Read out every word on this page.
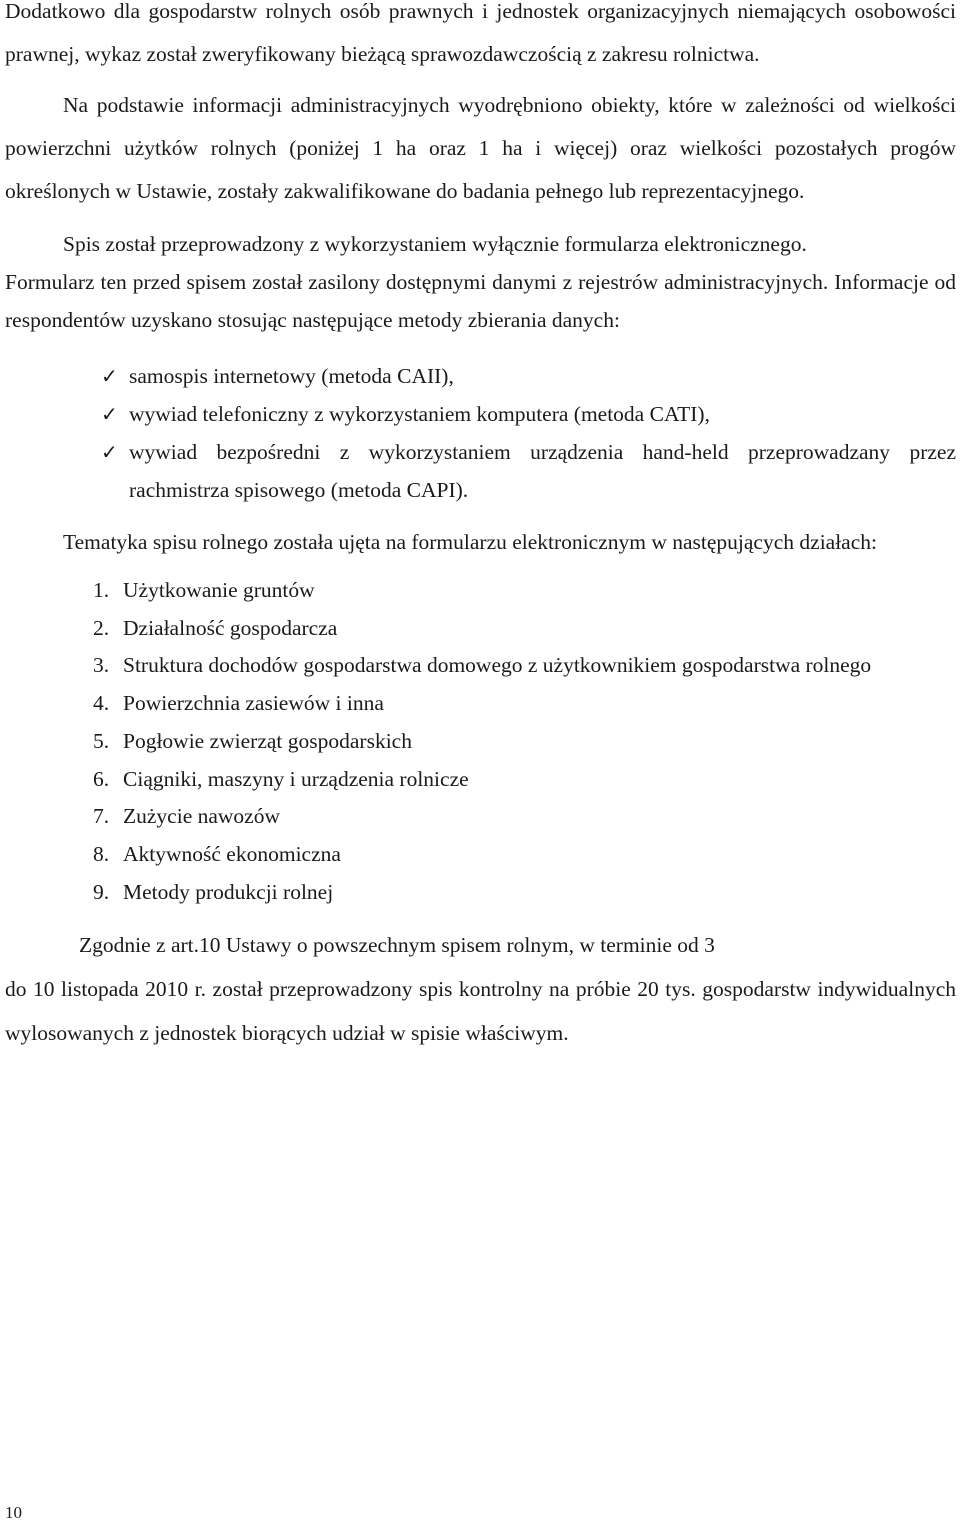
Dodatkowo dla gospodarstw rolnych osób prawnych i jednostek organizacyjnych niemających osobowości prawnej, wykaz został zweryfikowany bieżącą sprawozdawczością z zakresu rolnictwa.

Na podstawie informacji administracyjnych wyodrębniono obiekty, które w zależności od wielkości powierzchni użytków rolnych (poniżej 1 ha oraz 1 ha i więcej) oraz wielkości pozostałych progów określonych w Ustawie, zostały zakwalifikowane do badania pełnego lub reprezentacyjnego.

Spis został przeprowadzony z wykorzystaniem wyłącznie formularza elektronicznego.
Formularz ten przed spisem został zasilony dostępnymi danymi z rejestrów administracyjnych. Informacje od respondentów uzyskano stosując następujące metody zbierania danych:

✓ samospis internetowy (metoda CAII),
✓ wywiad telefoniczny z wykorzystaniem komputera (metoda CATI),
✓ wywiad bezpośredni z wykorzystaniem urządzenia hand-held przeprowadzany przez rachmistrza spisowego (metoda CAPI).

Tematyka spisu rolnego została ujęta na formularzu elektronicznym w następujących działach:

1. Użytkowanie gruntów
2. Działalność gospodarcza
3. Struktura dochodów gospodarstwa domowego z użytkownikiem gospodarstwa rolnego
4. Powierzchnia zasiewów i inna
5. Pogłowie zwierząt gospodarskich
6. Ciągniki, maszyny i urządzenia rolnicze
7. Zużycie nawozów
8. Aktywność ekonomiczna
9. Metody produkcji rolnej

Zgodnie z art.10 Ustawy o powszechnym spisem rolnym, w terminie od 3
do 10 listopada 2010 r. został przeprowadzony spis kontrolny na próbie 20 tys. gospodarstw indywidualnych wylosowanych z jednostek biorących udział w spisie właściwym.

10
